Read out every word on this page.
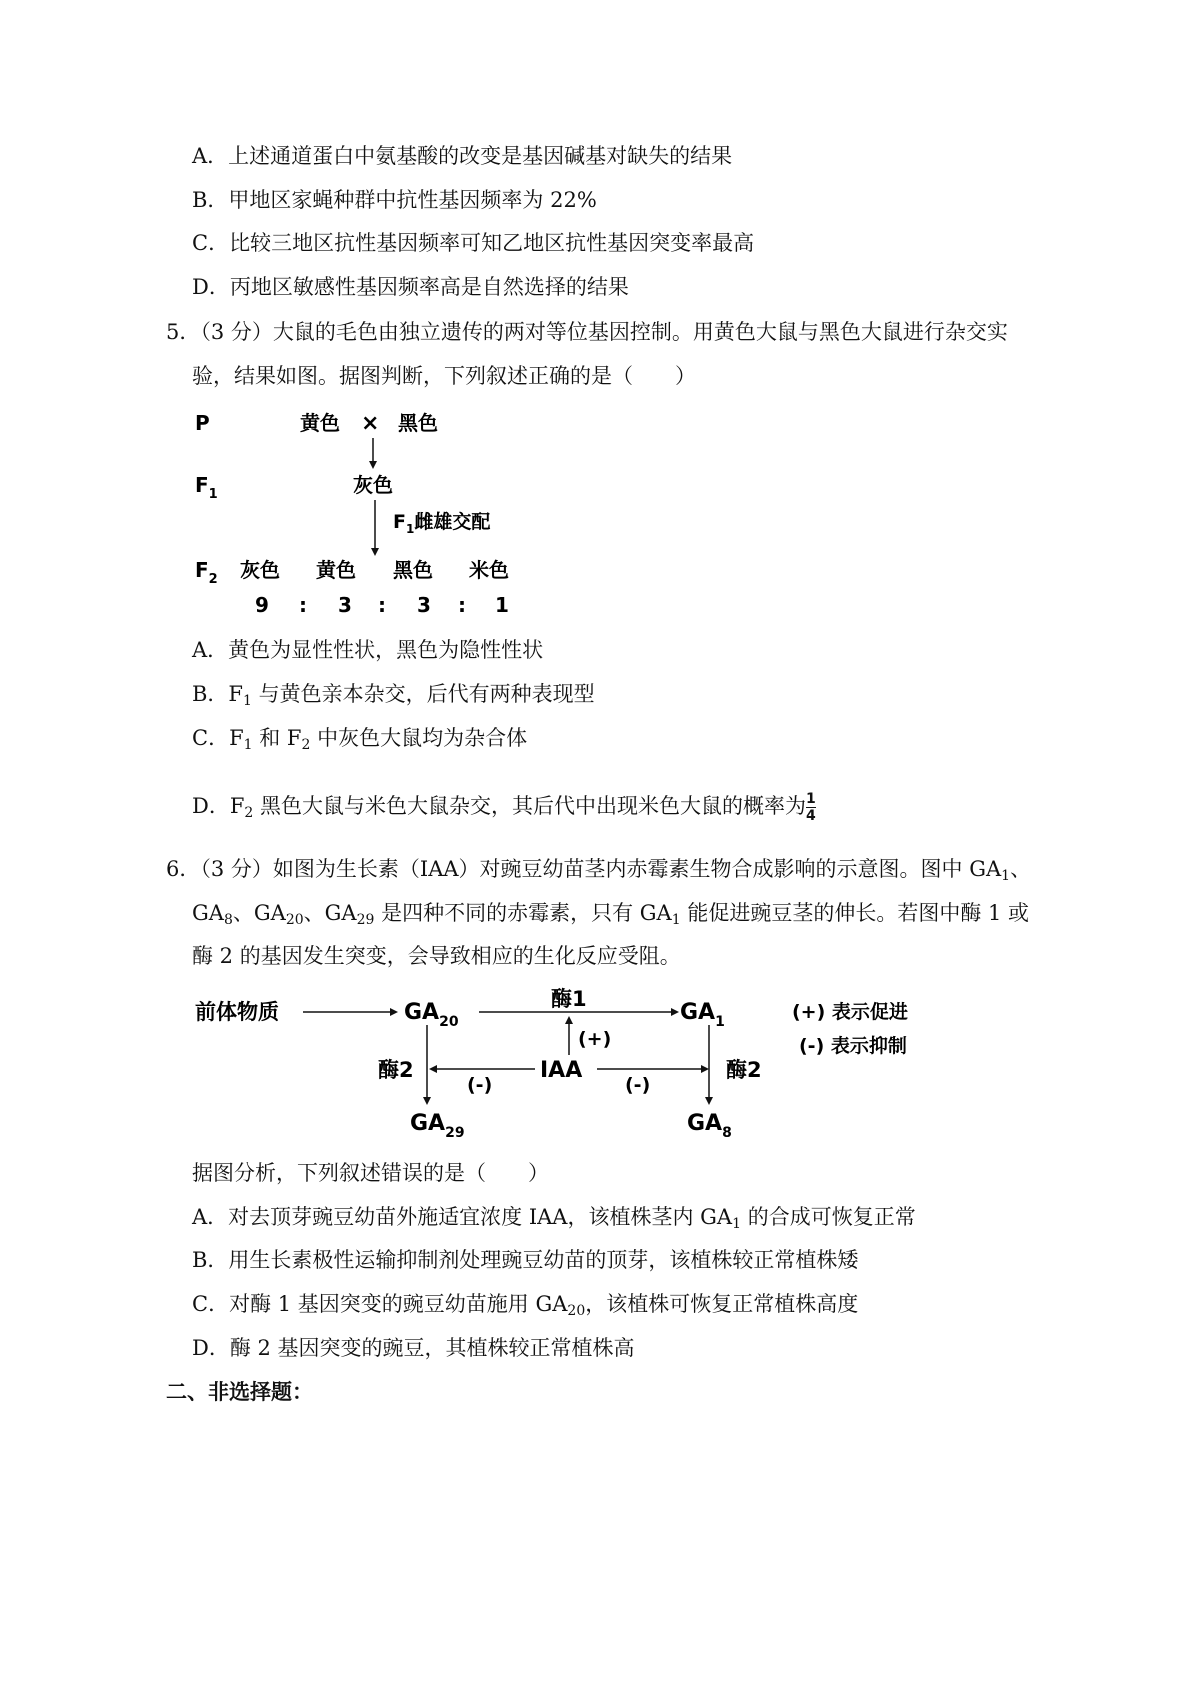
A．上述通道蛋白中氨基酸的改变是基因碱基对缺失的结果
B．甲地区家蝇种群中抗性基因频率为 22%
C．比较三地区抗性基因频率可知乙地区抗性基因突变率最高
D．丙地区敏感性基因频率高是自然选择的结果
5．（3 分）大鼠的毛色由独立遗传的两对等位基因控制。用黄色大鼠与黑色大鼠进行杂交实
验，结果如图。据图判断，下列叙述正确的是（　　）
P	黄色 × 黑色
$F_1$	灰色
$F_1$雌雄交配
$F_2$ 灰色 黄色 黑色 米色
9 : 3 : 3 : 1
A．黄色为显性性状，黑色为隐性性状
B．$F_1$ 与黄色亲本杂交，后代有两种表现型
C．$F_1$ 和 $F_2$ 中灰色大鼠均为杂合体
D．$F_2$ 黑色大鼠与米色大鼠杂交，其后代中出现米色大鼠的概率为$\frac{1}{4}$
6．（3 分）如图为生长素（IAA）对豌豆幼苗茎内赤霉素生物合成影响的示意图。图中 $GA_1$、
$GA_8$、$GA_{20}$、$GA_{29}$ 是四种不同的赤霉素，只有 $GA_1$ 能促进豌豆茎的伸长。若图中酶 1 或
酶 2 的基因发生突变，会导致相应的生化反应受阻。
前体物质	$GA_{20}$
酶1
$GA_1$
(+)
IAA
(-)	(-)
酶2	酶2
$GA_{29}$	$GA_8$
(+) 表示促进
(-) 表示抑制
据图分析，下列叙述错误的是（　　）
A．对去顶芽豌豆幼苗外施适宜浓度 IAA，该植株茎内 $GA_1$ 的合成可恢复正常
B．用生长素极性运输抑制剂处理豌豆幼苗的顶芽，该植株较正常植株矮
C．对酶 1 基因突变的豌豆幼苗施用 $GA_{20}$，该植株可恢复正常植株高度
D．酶 2 基因突变的豌豆，其植株较正常植株高
二、非选择题：
